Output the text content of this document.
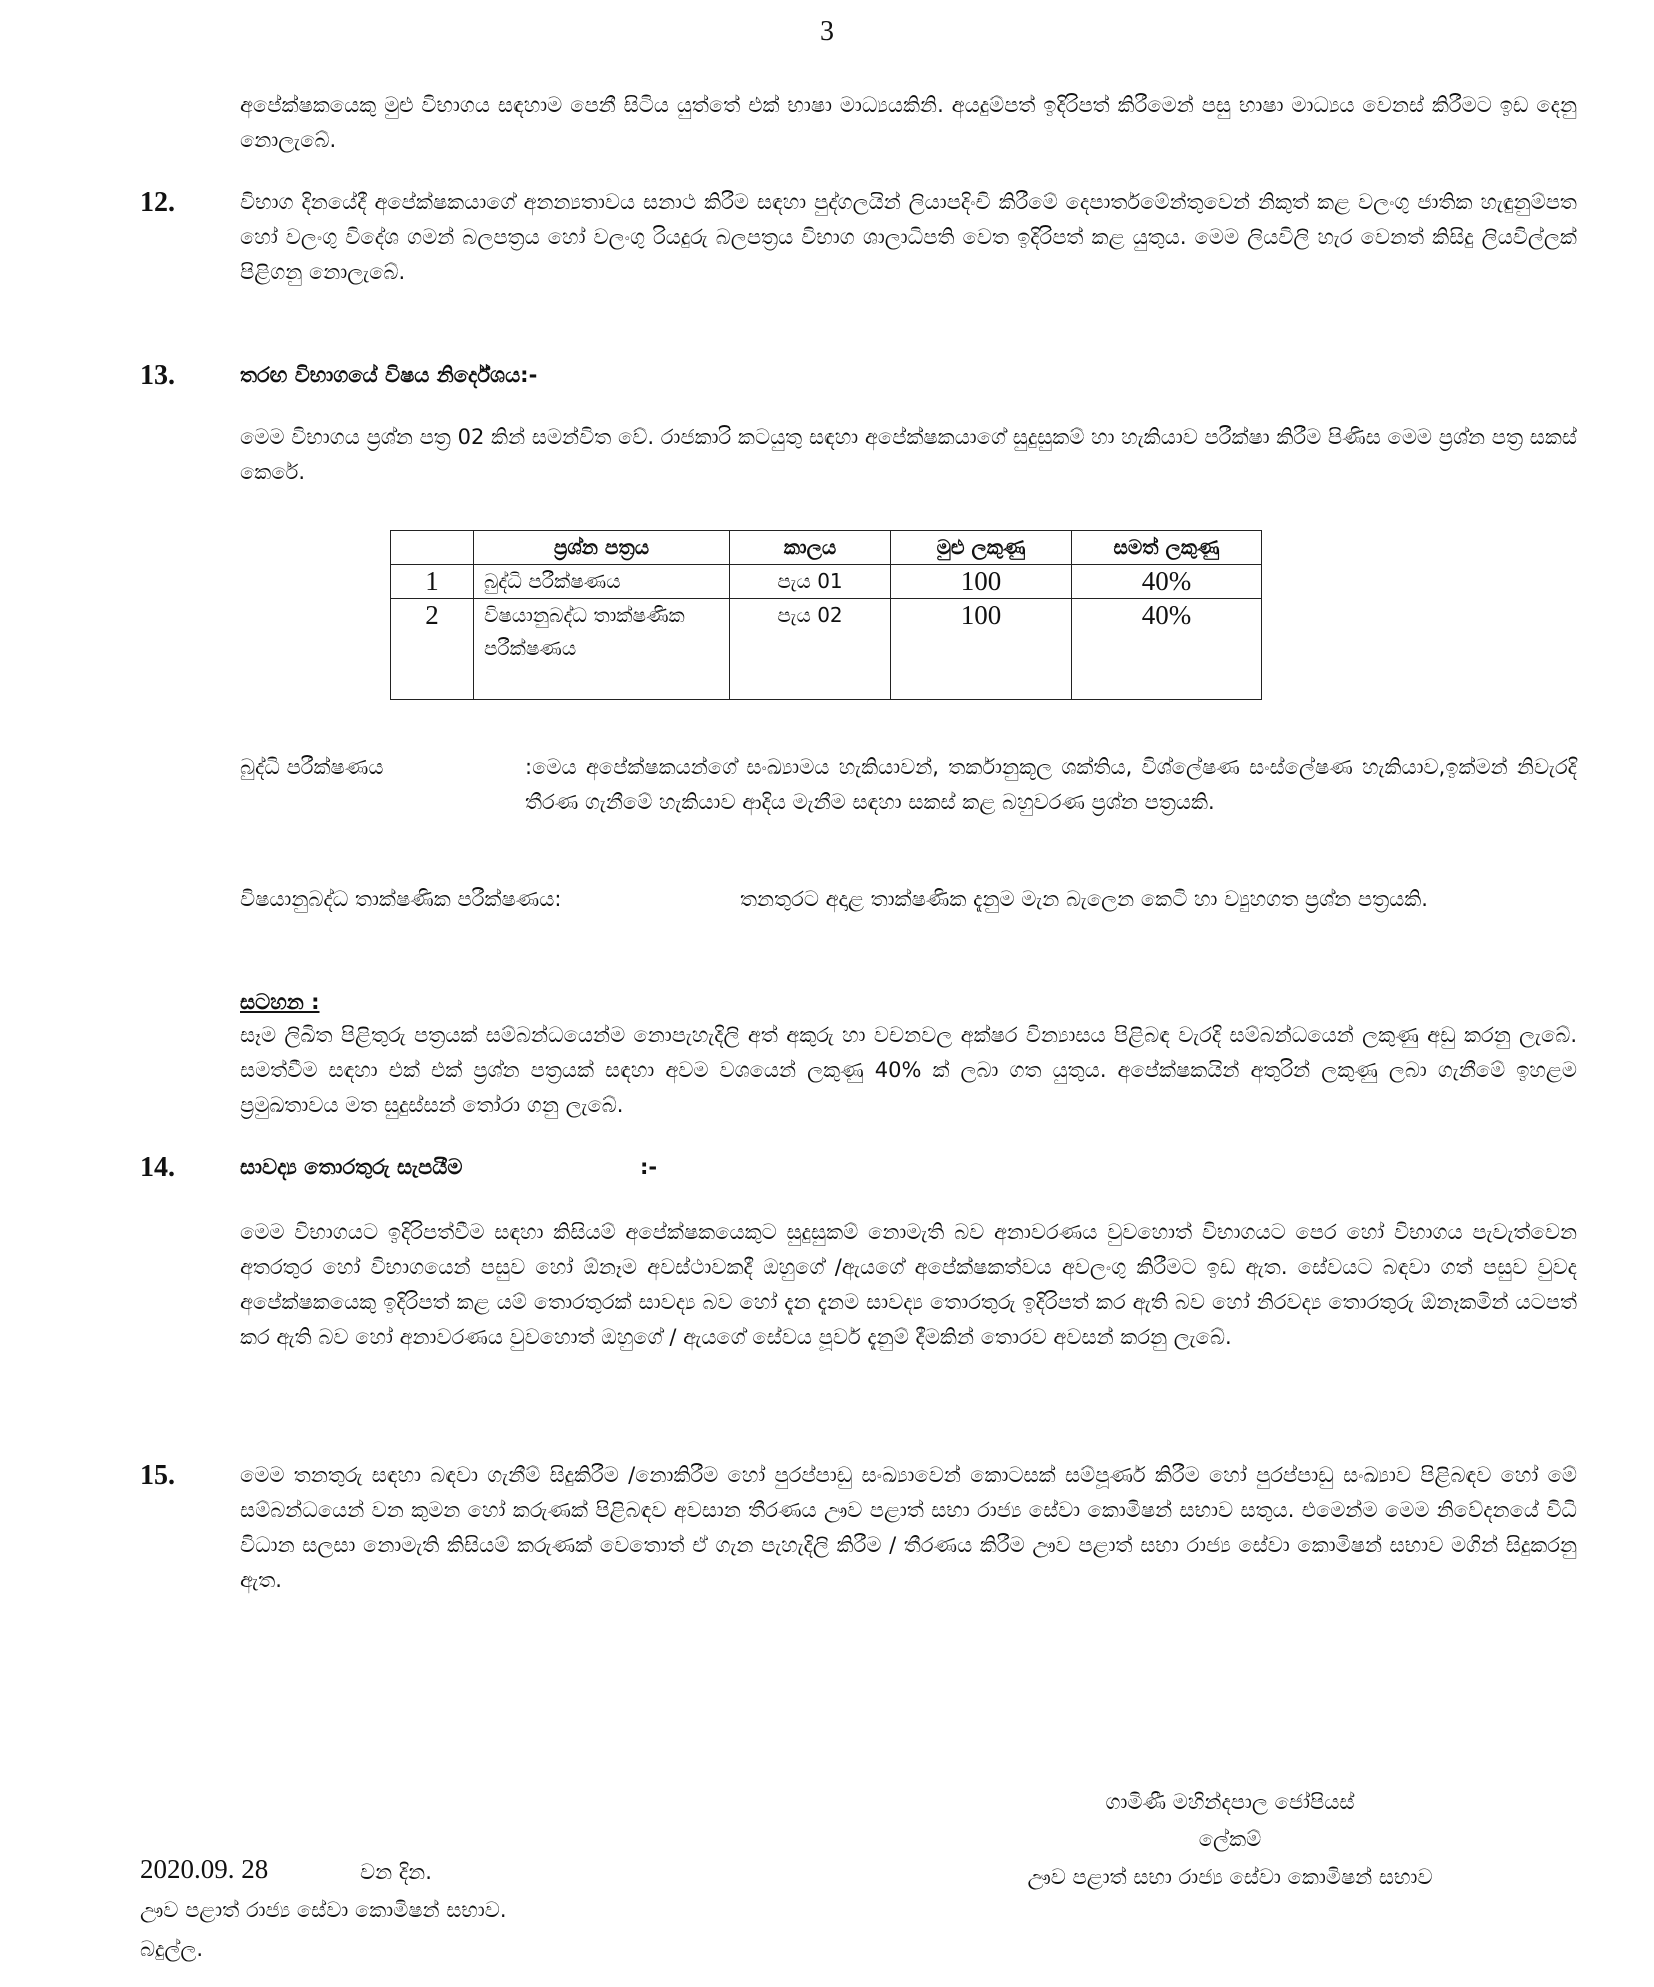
3
අපේක්ෂකයෙකු මුළු විභාගය සඳහාම පෙනී සිටිය යුත්තේ එක් භාෂා මාධ්‍යයකිනි. අයදුම්පත් ඉදිරිපත් කිරීමෙන් පසු භාෂා මාධ්‍යය වෙනස් කිරීමට ඉඩ දෙනු නොලැබේ.
12.	විභාග දිනයේදී අපේක්ෂකයාගේ අනන්‍යතාවය සනාථ කිරීම සඳහා පුද්ගලයින් ලියාපදිංචි කිරීමේ දෙපාර්තමේන්තුවෙන් නිකුත් කළ වලංගු ජාතික හැඳුනුම්පත හෝ වලංගු විදේශ ගමන් බලපත්‍රය හෝ වලංගු රියදුරු බලපත්‍රය විභාග ශාලාධිපති වෙත ඉදිරිපත් කළ යුතුය. මෙම ලියවිලි හැර වෙනත් කිසිදු ලියවිල්ලක් පිළිගනු නොලැබේ.
13.	තරඟ විභාගයේ විෂය නිර්දේශය:-
මෙම විභාගය ප්‍රශ්න පත්‍ර 02 කින් සමන්විත වේ. රාජකාරි කටයුතු සඳහා අපේක්ෂකයාගේ සුදුසුකම් හා හැකියාව පරීක්ෂා කිරීම පිණිස මෙම ප්‍රශ්න පත්‍ර සකස් කෙරේ.
	ප්‍රශ්න පත්‍රය	කාලය	මුළු ලකුණු	සමත් ලකුණු
1	බුද්ධි පරීක්ෂණය	පැය 01	100	40%
2	විෂයානුබද්ධ තාක්ෂණික පරීක්ෂණය	පැය 02	100	40%
බුද්ධි පරීක්ෂණය	:මෙය අපේක්ෂකයන්ගේ සංඛ්‍යාමය හැකියාවන්, තර්කානුකූල ශක්තිය, විශ්ලේෂණ සංස්ලේෂණ හැකියාව,ඉක්මන් නිවැරදි තීරණ ගැනීමේ හැකියාව ආදිය මැනීම සඳහා සකස් කළ බහුවරණ ප්‍රශ්න පත්‍රයකි.
විෂයානුබද්ධ තාක්ෂණික පරීක්ෂණය:	තනතුරට අදාළ තාක්ෂණික දැනුම මැන බැලෙන කෙටි හා ව්‍යුහගත ප්‍රශ්න පත්‍රයකි.
සටහන :
සෑම ලිඛිත පිළිතුරු පත්‍රයක් සම්බන්ධයෙන්ම නොපැහැදිලි අත් අකුරු හා වචනවල අක්ෂර වින්‍යාසය පිළිබඳ වැරදි සම්බන්ධයෙන් ලකුණු අඩු කරනු ලැබේ. සමත්වීම සඳහා එක් එක් ප්‍රශ්න පත්‍රයක් සඳහා අවම වශයෙන් ලකුණු 40% ක් ලබා ගත යුතුය. අපේක්ෂකයින් අතුරින් ලකුණු ලබා ගැනීමේ ඉහළම ප්‍රමුඛතාවය මත සුදුස්සන් තෝරා ගනු ලැබේ.
14.	සාවද්‍ය තොරතුරු සැපයීම	:-
මෙම විභාගයට ඉදිරිපත්වීම සඳහා කිසියම් අපේක්ෂකයෙකුට සුදුසුකම් නොමැති බව අනාවරණය වුවහොත් විභාගයට පෙර හෝ විභාගය පැවැත්වෙන අතරතුර හෝ විභාගයෙන් පසුව හෝ ඕනෑම අවස්ථාවකදී ඔහුගේ /ඇයගේ අපේක්ෂකත්වය අවලංගු කිරීමට ඉඩ ඇත. සේවයට බඳවා ගත් පසුව වුවද අපේක්ෂකයෙකු ඉදිරිපත් කළ යම් තොරතුරක් සාවද්‍ය බව හෝ දැන දැනම සාවද්‍ය තොරතුරු ඉදිරිපත් කර ඇති බව හෝ නිරවද්‍ය තොරතුරු ඕනෑකමින් යටපත් කර ඇති බව හෝ අනාවරණය වුවහොත් ඔහුගේ / ඇයගේ සේවය පූර්ව දැනුම් දීමකින් තොරව අවසන් කරනු ලැබේ.
15.	මෙම තනතුරු සඳහා බඳවා ගැනීම් සිදුකිරීම /නොකිරීම හෝ පුරප්පාඩු සංඛ්‍යාවෙන් කොටසක් සම්පූර්ණ කිරීම හෝ පුරප්පාඩු සංඛ්‍යාව පිළිබඳව හෝ මේ සම්බන්ධයෙන් වන කුමන හෝ කරුණක් පිළිබඳව අවසාන තීරණය ඌව පළාත් සභා රාජ්‍ය සේවා කොමිෂන් සභාව සතුය. එමෙන්ම මෙම නිවේදනයේ විධි විධාන සලසා නොමැති කිසියම් කරුණක් වෙතොත් ඒ ගැන පැහැදිලි කිරීම / තීරණය කිරීම ඌව පළාත් සභා රාජ්‍ය සේවා කොමිෂන් සභාව මගින් සිදුකරනු ඇත.
ගාමිණී මහින්දපාල ජෝපියස්
ලේකම්
ඌව පළාත් සභා රාජ්‍ය සේවා කොමිෂන් සභාව
2020.09. 28	වන දින.
ඌව පළාත් රාජ්‍ය සේවා කොමිෂන් සභාව.
බදුල්ල.
